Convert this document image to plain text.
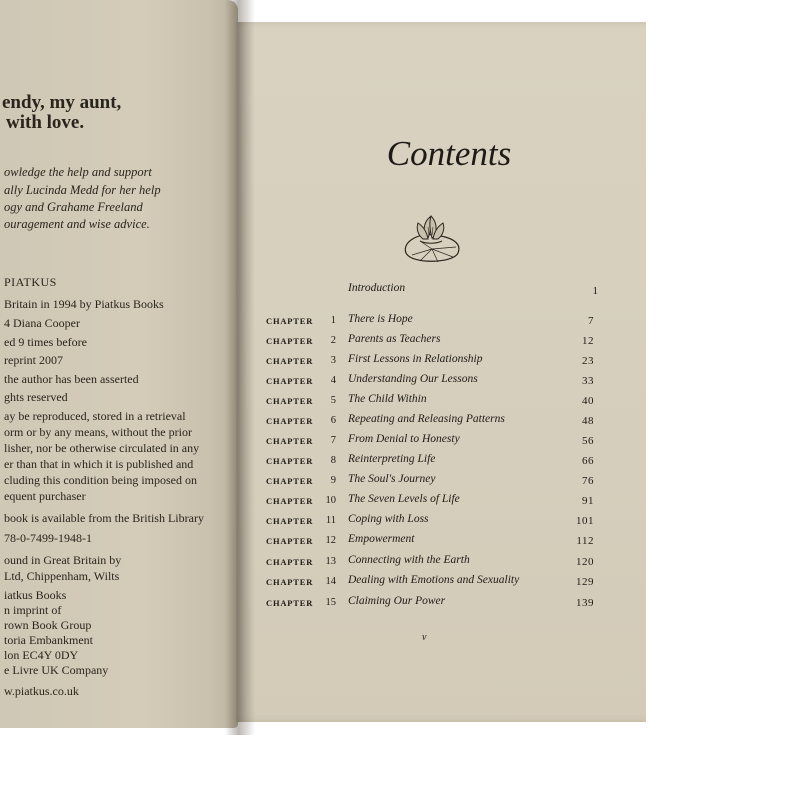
endy, my aunt,
with love.
owledge the help and support
ally Lucinda Medd for her help
ogy and Grahame Freeland
ouragement and wise advice.
PIATKUS
Britain in 1994 by Piatkus Books
4 Diana Cooper
ed 9 times before
reprint 2007
the author has been asserted
ghts reserved
ay be reproduced, stored in a retrieval
orm or by any means, without the prior
lisher, nor be otherwise circulated in any
er than that in which it is published and
cluding this condition being imposed on
equent purchaser
book is available from the British Library
78-0-7499-1948-1
ound in Great Britain by
Ltd, Chippenham, Wilts
iatkus Books
n imprint of
rown Book Group
toria Embankment
lon EC4Y 0DY
e Livre UK Company
w.piatkus.co.uk
Contents
Introduction	1
CHAPTER	1 There is Hope	7
CHAPTER	2 Parents as Teachers	12
CHAPTER	3 First Lessons in Relationship	23
CHAPTER	4 Understanding Our Lessons	33
CHAPTER	5 The Child Within	40
CHAPTER	6 Repeating and Releasing Patterns	48
CHAPTER	7 From Denial to Honesty	56
CHAPTER	8 Reinterpreting Life	66
CHAPTER	9 The Soul's Journey	76
CHAPTER	10 The Seven Levels of Life	91
CHAPTER	11 Coping with Loss	101
CHAPTER	12 Empowerment	112
CHAPTER	13 Connecting with the Earth	120
CHAPTER	14 Dealing with Emotions and Sexuality	129
CHAPTER	15 Claiming Our Power	139
v
